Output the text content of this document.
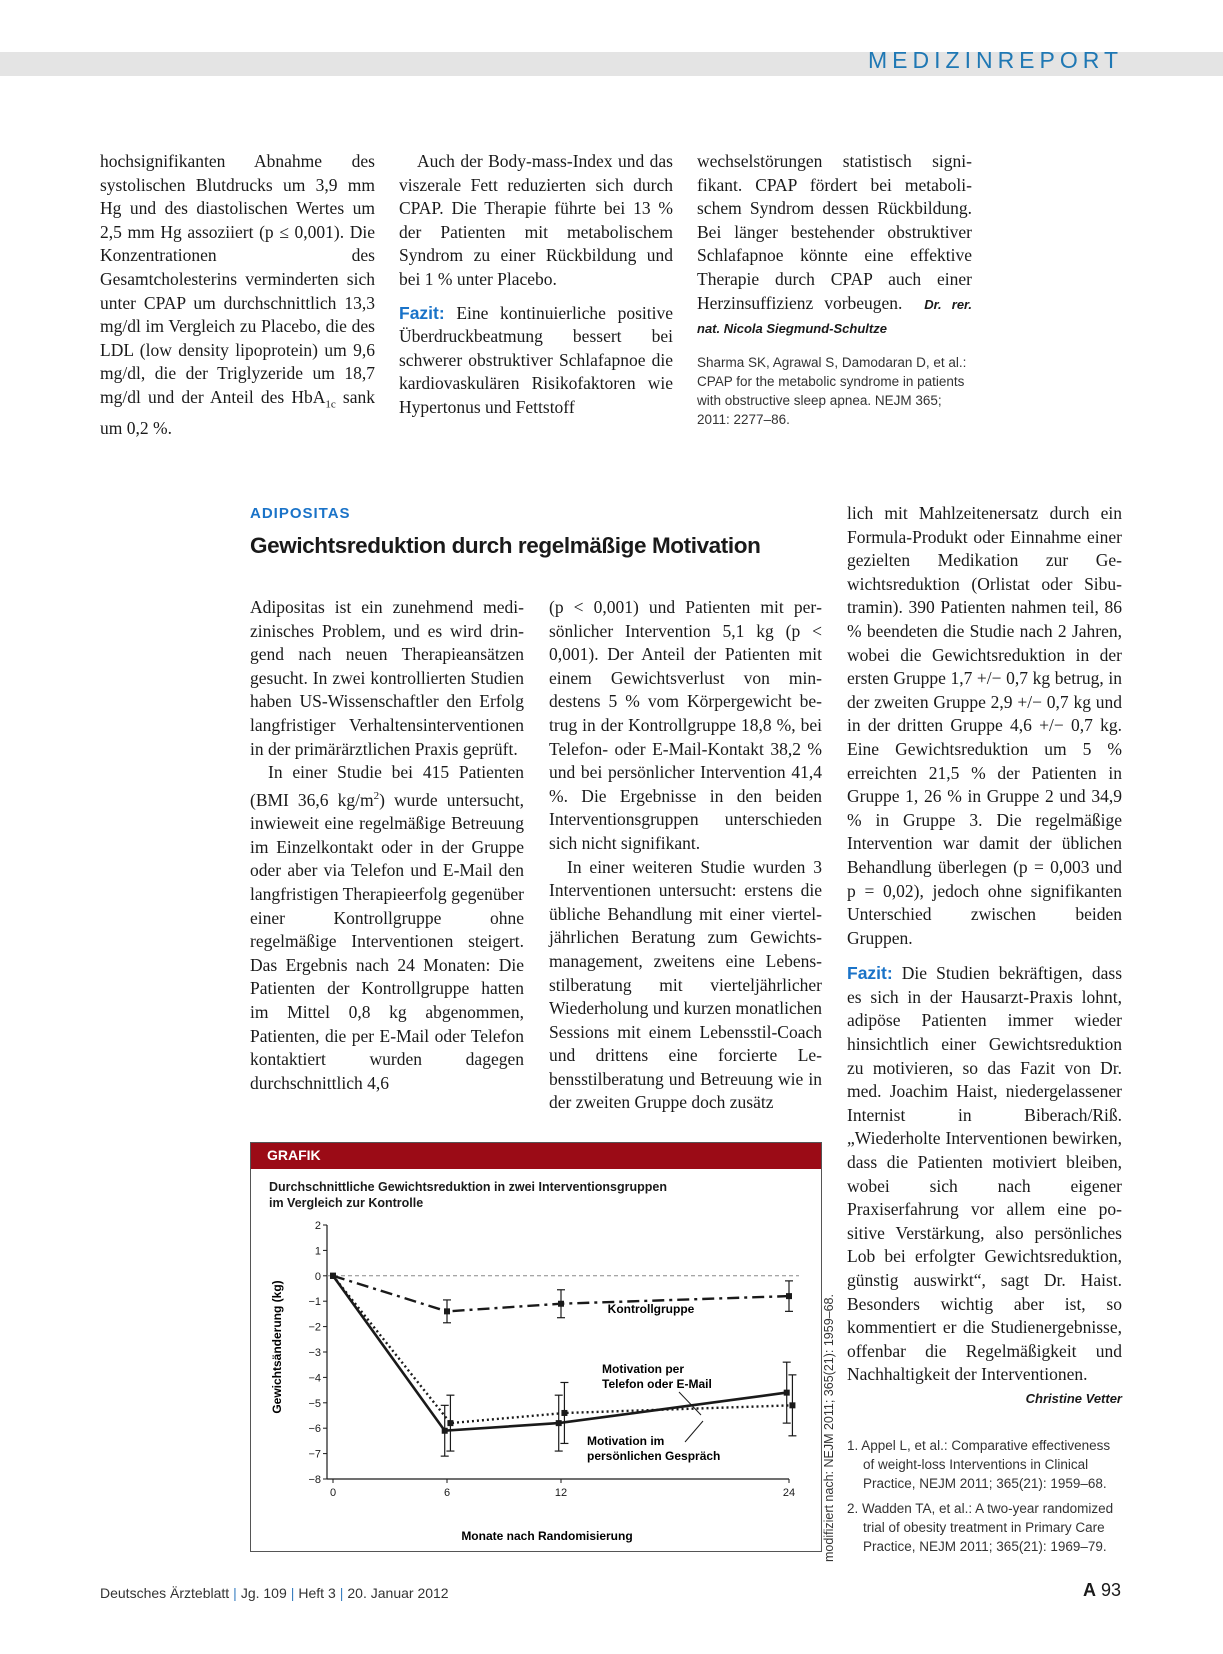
MEDIZINREPORT

hochsignifikanten Abnahme des systolischen Blutdrucks um 3,9 mm Hg und des diastolischen Wertes um 2,5 mm Hg assoziiert (p ≤ 0,001). Die Konzentrationen des Gesamtcholesterins verminderten sich unter CPAP um durchschnittlich 13,3 mg/dl im Vergleich zu Placebo, die des LDL (low density lipoprotein) um 9,6 mg/dl, die der Triglyzeride um 18,7 mg/dl und der Anteil des HbA$_{1c}$ sank um 0,2 %.

Auch der Body-mass-Index und das viszerale Fett reduzierten sich durch CPAP. Die Therapie führte bei 13 % der Patienten mit metabolischem Syndrom zu einer Rückbildung und bei 1 % unter Placebo.

Fazit: Eine kontinuierliche positive Überdruckbeatmung bessert bei schwerer obstruktiver Schlafapnoe die kardiovaskulären Risikofaktoren wie Hypertonus und Fettstoff

wechselstörungen statistisch signifikant. CPAP fördert bei metabolischem Syndrom dessen Rückbildung. Bei länger bestehender obstruktiver Schlafapnoe könnte eine effektive Therapie durch CPAP auch einer Herzinsuffizienz vorbeugen. Dr. rer. nat. Nicola Siegmund-Schultze

Sharma SK, Agrawal S, Damodaran D, et al.: CPAP for the metabolic syndrome in patients with obstructive sleep apnea. NEJM 365; 2011: 2277–86.

ADIPOSITAS
Gewichtsreduktion durch regelmäßige Motivation

Adipositas ist ein zunehmend medizinisches Problem, und es wird dringend nach neuen Therapieansätzen gesucht. In zwei kontrollierten Studien haben US-Wissenschaftler den Erfolg langfristiger Verhaltensinterventionen in der primärärztlichen Praxis geprüft.

In einer Studie bei 415 Patienten (BMI 36,6 $kg/m^2$) wurde untersucht, inwieweit eine regelmäßige Betreuung im Einzelkontakt oder in der Gruppe oder aber via Telefon und E-Mail den langfristigen Therapieerfolg gegenüber einer Kontrollgruppe ohne regelmäßige Interventionen steigert. Das Ergebnis nach 24 Monaten: Die Patienten der Kontrollgruppe hatten im Mittel 0,8 kg abgenommen, Patienten, die per E-Mail oder Telefon kontaktiert wurden dagegen durchschnittlich 4,6

(p < 0,001) und Patienten mit persönlicher Intervention 5,1 kg (p < 0,001). Der Anteil der Patienten mit einem Gewichtsverlust von mindestens 5 % vom Körpergewicht betrug in der Kontrollgruppe 18,8 %, bei Telefon- oder E-Mail-Kontakt 38,2 % und bei persönlicher Intervention 41,4 %. Die Ergebnisse in den beiden Interventionsgruppen unterschieden sich nicht signifikant.

In einer weiteren Studie wurden 3 Interventionen untersucht: erstens die übliche Behandlung mit einer vierteljährlichen Beratung zum Gewichtsmanagement, zweitens eine Lebensstilberatung mit vierteljährlicher Wiederholung und kurzen monatlichen Sessions mit einem Lebensstil-Coach und drittens eine forcierte Lebensstilberatung und Betreuung wie in der zweiten Gruppe doch zusätz

lich mit Mahlzeitenersatz durch ein Formula-Produkt oder Einnahme einer gezielten Medikation zur Gewichtsreduktion (Orlistat oder Sibutramin). 390 Patienten nahmen teil, 86 % beendeten die Studie nach 2 Jahren, wobei die Gewichtsreduktion in der ersten Gruppe 1,7 +/− 0,7 kg betrug, in der zweiten Gruppe 2,9 +/− 0,7 kg und in der dritten Gruppe 4,6 +/− 0,7 kg. Eine Gewichtsreduktion um 5 % erreichten 21,5 % der Patienten in Gruppe 1, 26 % in Gruppe 2 und 34,9 % in Gruppe 3. Die regelmäßige Intervention war damit der üblichen Behandlung überlegen (p = 0,003 und p = 0,02), jedoch ohne signifikanten Unterschied zwischen beiden Gruppen.

Fazit: Die Studien bekräftigen, dass es sich in der Hausarzt-Praxis lohnt, adipöse Patienten immer wieder hinsichtlich einer Gewichtsreduktion zu motivieren, so das Fazit von Dr. med. Joachim Haist, niedergelassener Internist in Biberach/Riß. „Wiederholte Interventionen bewirken, dass die Patienten motiviert bleiben, wobei sich nach eigener Praxiserfahrung vor allem eine positive Verstärkung, also persönliches Lob bei erfolgter Gewichtsreduktion, günstig auswirkt“, sagt Dr. Haist. Besonders wichtig aber ist, so kommentiert er die Studienergebnisse, offenbar die Regelmäßigkeit und Nachhaltigkeit der Interventionen.
Christine Vetter

1. Appel L, et al.: Comparative effectiveness of weight-loss Interventions in Clinical Practice, NEJM 2011; 365(21): 1959–68.
2. Wadden TA, et al.: A two-year randomized trial of obesity treatment in Primary Care Practice, NEJM 2011; 365(21): 1969–79.
GRAFIK
Durchschnittliche Gewichtsreduktion in zwei Interventionsgruppen
im Vergleich zur Kontrolle
2
1
0
−1
−2
−3
−4
−5
−6
−7
−8
0	6	12	24
Gewichtsänderung (kg)
Monate nach Randomisierung
Kontrollgruppe
Motivation per
Telefon oder E-Mail
Motivation im
persönlichen Gespräch	modifiziert nach: NEJM 2011; 365(21): 1959–68.
Deutsches Ärzteblatt | Jg. 109 | Heft 3 | 20. Januar 2012	A 93
